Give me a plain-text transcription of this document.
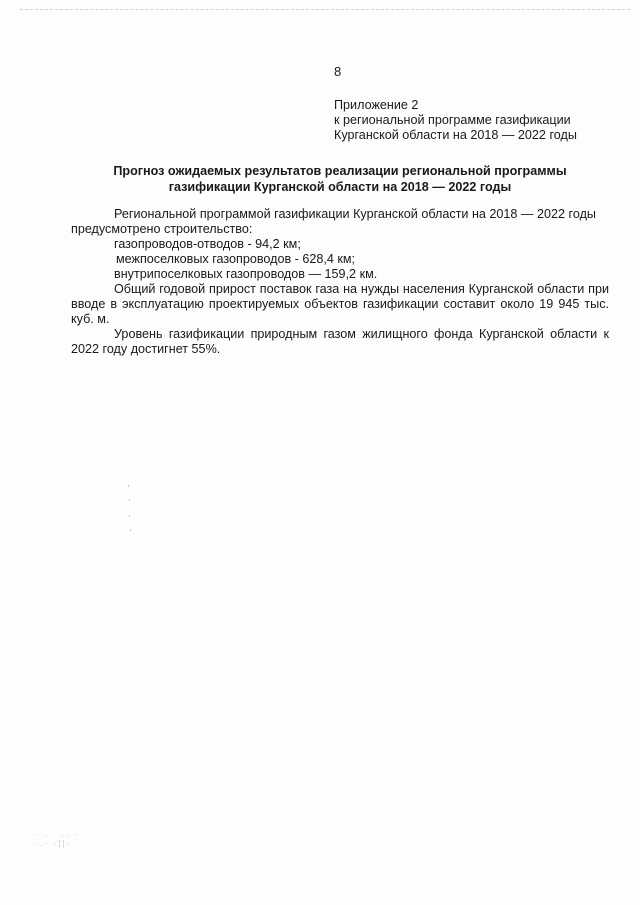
8
Приложение 2
к региональной программе газификации
Курганской области на 2018 — 2022 годы
Прогноз ожидаемых результатов реализации региональной программы
газификации Курганской области на 2018 — 2022 годы

Региональной программой газификации Курганской области на 2018 — 2022 годы

предусмотрено строительство:

газопроводов-отводов - 94,2 км;

межпоселковых газопроводов - 628,4 км;

внутрипоселковых газопроводов — 159,2 км.

Общий годовой прирост поставок газа на нужды населения Курганской области при вводе в эксплуатацию проектируемых объектов газификации составит около 19 945 тыс. куб. м.

Уровень газификации природным газом жилищного фонда Курганской области к 2022 году достигнет 55%.

· .   .. ·
·.· ·¦¦·
